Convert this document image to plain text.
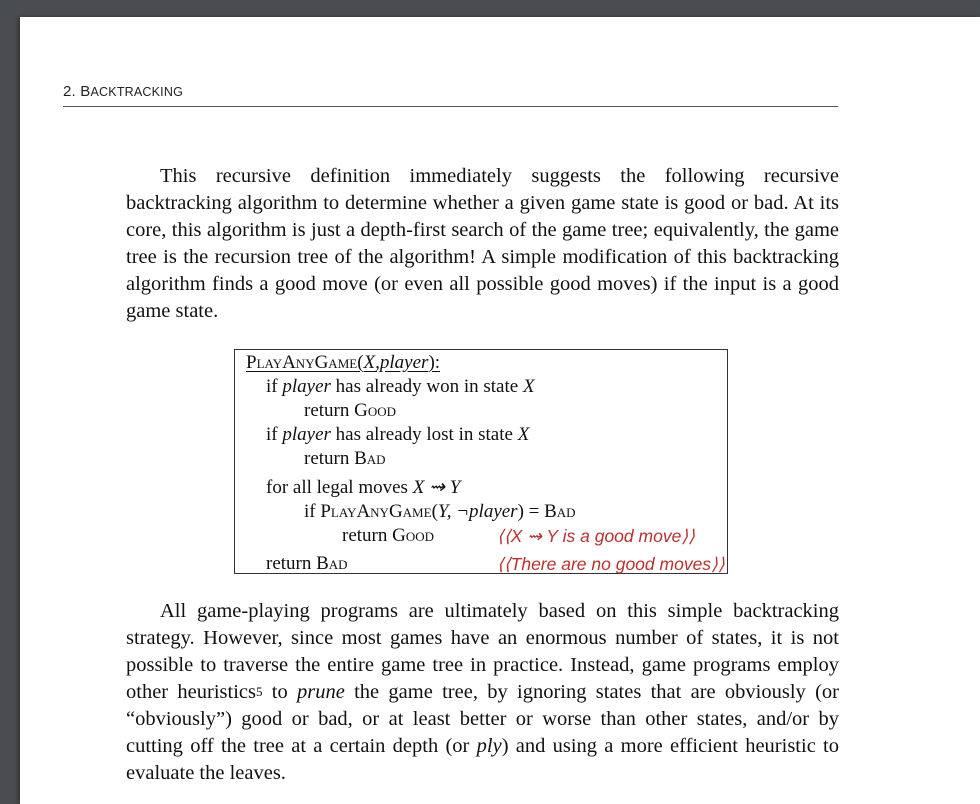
2. BACKTRACKING

This recursive definition immediately suggests the following recursive backtracking algorithm to determine whether a given game state is good or bad. At its core, this algorithm is just a depth-first search of the game tree; equivalently, the game tree is the recursion tree of the algorithm! A simple modification of this backtracking algorithm finds a good move (or even all possible good moves) if the input is a good game state.

PlayAnyGame(X,player):
if player has already won in state X
return Good
if player has already lost in state X
return Bad
for all legal moves X ⇝ Y
if PlayAnyGame(Y, ¬player) = Bad
return Good	⟨⟨X ⇝ Y is a good move⟩⟩
return Bad	⟨⟨There are no good moves⟩⟩

All game-playing programs are ultimately based on this simple backtracking strategy. However, since most games have an enormous number of states, it is not possible to traverse the entire game tree in practice. Instead, game programs employ other heuristics$^5$ to prune the game tree, by ignoring states that are obviously (or “obviously”) good or bad, or at least better or worse than other states, and/or by cutting off the tree at a certain depth (or ply) and using a more efficient heuristic to evaluate the leaves.
